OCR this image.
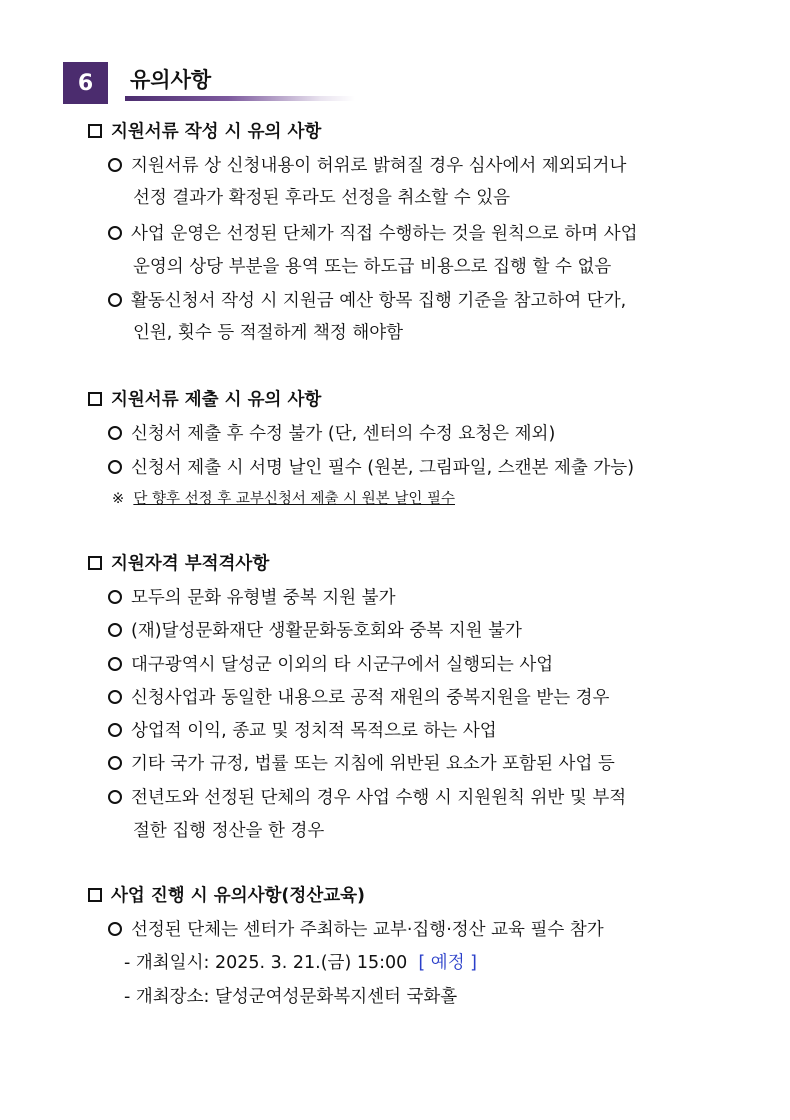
6	유의사항
지원서류 작성 시 유의 사항
지원서류 상 신청내용이 허위로 밝혀질 경우 심사에서 제외되거나
선정 결과가 확정된 후라도 선정을 취소할 수 있음
사업 운영은 선정된 단체가 직접 수행하는 것을 원칙으로 하며 사업
운영의 상당 부분을 용역 또는 하도급 비용으로 집행 할 수 없음
활동신청서 작성 시 지원금 예산 항목 집행 기준을 참고하여 단가,
인원, 횟수 등 적절하게 책정 해야함
지원서류 제출 시 유의 사항
신청서 제출 후 수정 불가 (단, 센터의 수정 요청은 제외)
신청서 제출 시 서명 날인 필수 (원본, 그림파일, 스캔본 제출 가능)
※ 단 향후 선정 후 교부신청서 제출 시 원본 날인 필수
지원자격 부적격사항
모두의 문화 유형별 중복 지원 불가
(재)달성문화재단 생활문화동호회와 중복 지원 불가
대구광역시 달성군 이외의 타 시군구에서 실행되는 사업
신청사업과 동일한 내용으로 공적 재원의 중복지원을 받는 경우
상업적 이익, 종교 및 정치적 목적으로 하는 사업
기타 국가 규정, 법률 또는 지침에 위반된 요소가 포함된 사업 등
전년도와 선정된 단체의 경우 사업 수행 시 지원원칙 위반 및 부적
절한 집행 정산을 한 경우
사업 진행 시 유의사항(정산교육)
선정된 단체는 센터가 주최하는 교부·집행·정산 교육 필수 참가
- 개최일시: 2025. 3. 21.(금) 15:00 [ 예정 ]
- 개최장소: 달성군여성문화복지센터 국화홀
